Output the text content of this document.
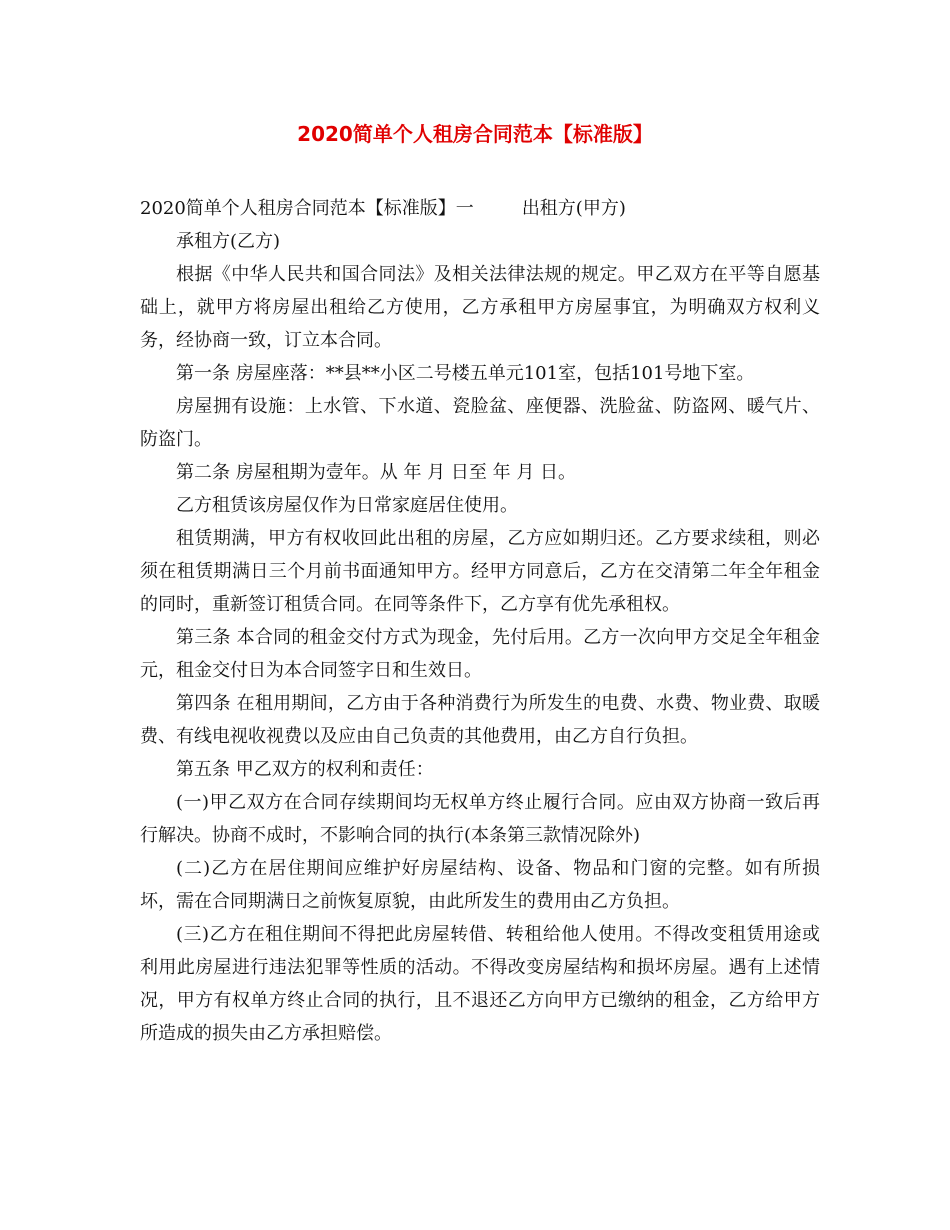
2020简单个人租房合同范本【标准版】

2020简单个人租房合同范本【标准版】一	出租方(甲方)

承租方(乙方)

根据《中华人民共和国合同法》及相关法律法规的规定。甲乙双方在平等自愿基础上，就甲方将房屋出租给乙方使用，乙方承租甲方房屋事宜，为明确双方权利义务，经协商一致，订立本合同。

第一条 房屋座落：**县**小区二号楼五单元101室，包括101号地下室。

房屋拥有设施：上水管、下水道、瓷脸盆、座便器、洗脸盆、防盗网、暖气片、防盗门。

第二条 房屋租期为壹年。从 年 月 日至 年 月 日。

乙方租赁该房屋仅作为日常家庭居住使用。

租赁期满，甲方有权收回此出租的房屋，乙方应如期归还。乙方要求续租，则必须在租赁期满日三个月前书面通知甲方。经甲方同意后，乙方在交清第二年全年租金的同时，重新签订租赁合同。在同等条件下，乙方享有优先承租权。

第三条 本合同的租金交付方式为现金，先付后用。乙方一次向甲方交足全年租金 元，租金交付日为本合同签字日和生效日。

第四条 在租用期间，乙方由于各种消费行为所发生的电费、水费、物业费、取暖费、有线电视收视费以及应由自己负责的其他费用，由乙方自行负担。

第五条 甲乙双方的权利和责任：

(一)甲乙双方在合同存续期间均无权单方终止履行合同。应由双方协商一致后再行解决。协商不成时，不影响合同的执行(本条第三款情况除外)

(二)乙方在居住期间应维护好房屋结构、设备、物品和门窗的完整。如有所损坏，需在合同期满日之前恢复原貌，由此所发生的费用由乙方负担。

(三)乙方在租住期间不得把此房屋转借、转租给他人使用。不得改变租赁用途或利用此房屋进行违法犯罪等性质的活动。不得改变房屋结构和损坏房屋。遇有上述情况，甲方有权单方终止合同的执行，且不退还乙方向甲方已缴纳的租金，乙方给甲方所造成的损失由乙方承担赔偿。
